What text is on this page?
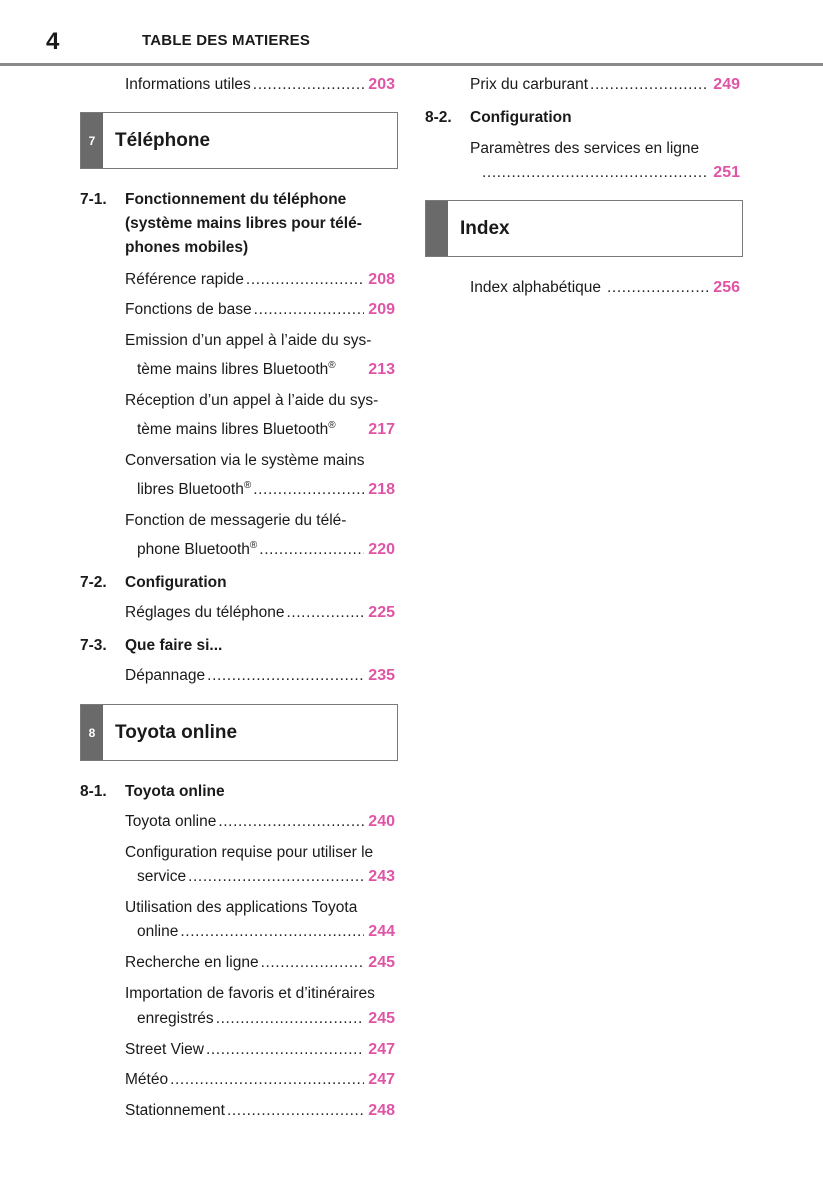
4	TABLE DES MATIERES
Informations utiles .....	203
7	Téléphone
7-1. Fonctionnement du téléphone
(système mains libres pour télé-
phones mobiles)
Référence rapide .....	208
Fonctions de base .....	209
Emission d’un appel à l’aide du sys-
tème mains libres Bluetooth® 213
Réception d’un appel à l’aide du sys-
tème mains libres Bluetooth® 217
Conversation via le système mains
libres Bluetooth® .....	218
Fonction de messagerie du télé-
phone Bluetooth® .....	220
7-2. Configuration
Réglages du téléphone .....	225
7-3. Que faire si...
Dépannage .....	235
8	Toyota online
8-1. Toyota online
Toyota online .....	240
Configuration requise pour utiliser le
service .....	243
Utilisation des applications Toyota
online .....	244
Recherche en ligne .....	245
Importation de favoris et d’itinéraires
enregistrés .....	245
Street View .....	247
Météo .....	247
Stationnement .....	248
Prix du carburant .....	249
8-2. Configuration
Paramètres des services en ligne
.....
251
Index
Index alphabétique .....	256
